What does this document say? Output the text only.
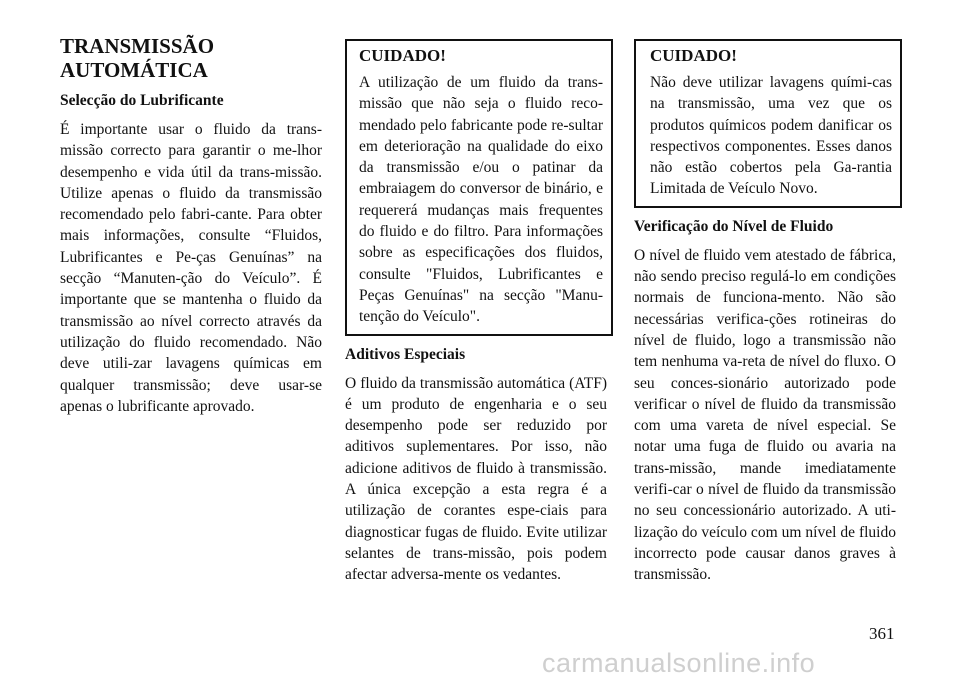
TRANSMISSÃO
AUTOMÁTICA
Selecção do Lubrificante

É importante usar o fluido da trans-missão correcto para garantir o me-lhor desempenho e vida útil da trans-missão. Utilize apenas o fluido da transmissão recomendado pelo fabri-cante. Para obter mais informações, consulte “Fluidos, Lubrificantes e Pe-ças Genuínas” na secção “Manuten-ção do Veículo”. É importante que se mantenha o fluido da transmissão ao nível correcto através da utilização do fluido recomendado. Não deve utili-zar lavagens químicas em qualquer transmissão; deve usar-se apenas o lubrificante aprovado.

CUIDADO!

A utilização de um fluido da trans-missão que não seja o fluido reco-mendado pelo fabricante pode re-sultar em deterioração na qualidade do eixo da transmissão e/ou o patinar da embraiagem do conversor de binário, e requererá mudanças mais frequentes do fluido e do filtro. Para informações sobre as especificações dos fluidos, consulte "Fluidos, Lubrificantes e Peças Genuínas" na secção "Manu-tenção do Veículo".

Aditivos Especiais

O fluido da transmissão automática (ATF) é um produto de engenharia e o seu desempenho pode ser reduzido por aditivos suplementares. Por isso, não adicione aditivos de fluido à transmissão. A única excepção a esta regra é a utilização de corantes espe-ciais para diagnosticar fugas de fluido. Evite utilizar selantes de trans-missão, pois podem afectar adversa-mente os vedantes.

CUIDADO!

Não deve utilizar lavagens quími-cas na transmissão, uma vez que os produtos químicos podem danificar os respectivos componentes. Esses danos não estão cobertos pela Ga-rantia Limitada de Veículo Novo.

Verificação do Nível de Fluido

O nível de fluido vem atestado de fábrica, não sendo preciso regulá-lo em condições normais de funciona-mento. Não são necessárias verifica-ções rotineiras do nível de fluido, logo a transmissão não tem nenhuma va-reta de nível do fluxo. O seu conces-sionário autorizado pode verificar o nível de fluido da transmissão com uma vareta de nível especial. Se notar uma fuga de fluido ou avaria na trans-missão, mande imediatamente verifi-car o nível de fluido da transmissão no seu concessionário autorizado. A uti-lização do veículo com um nível de fluido incorrecto pode causar danos graves à transmissão.

361
carmanualsonline.info
